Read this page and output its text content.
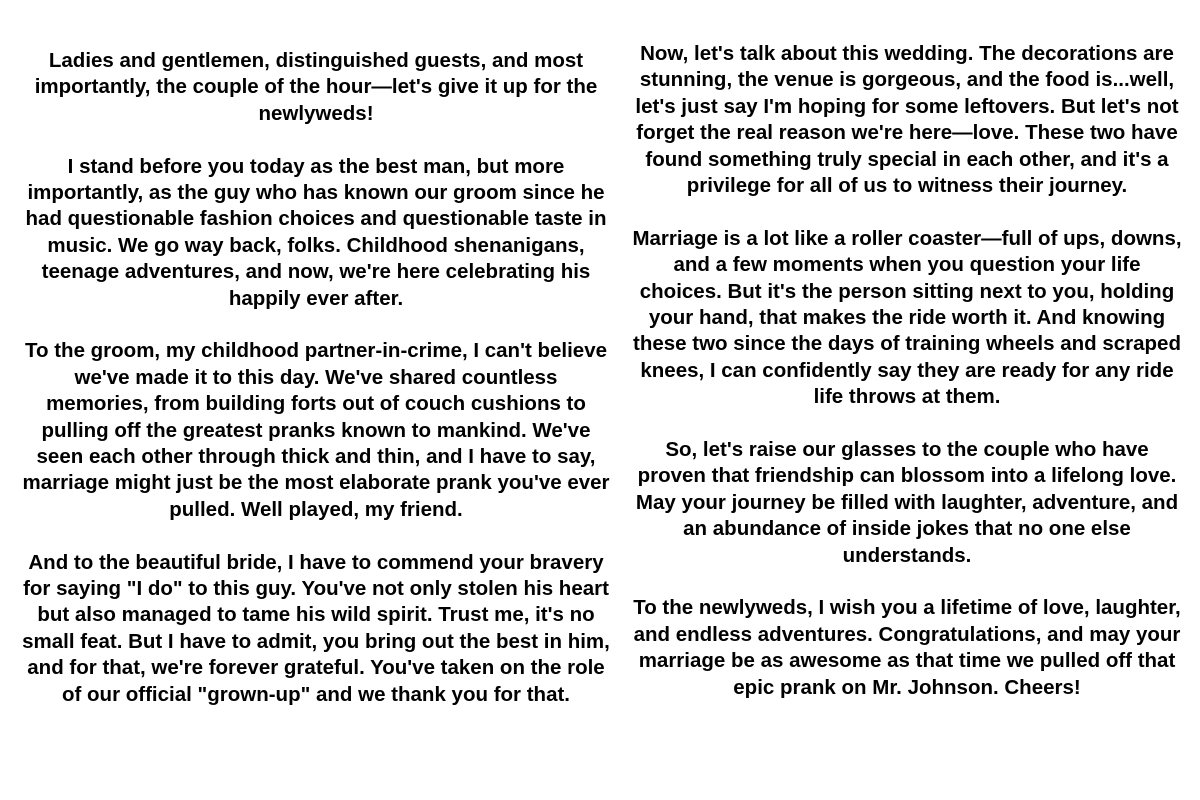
Ladies and gentlemen, distinguished guests, and most importantly, the couple of the hour—let's give it up for the newlyweds!

I stand before you today as the best man, but more importantly, as the guy who has known our groom since he had questionable fashion choices and questionable taste in music. We go way back, folks. Childhood shenanigans, teenage adventures, and now, we're here celebrating his happily ever after.

To the groom, my childhood partner-in-crime, I can't believe we've made it to this day. We've shared countless memories, from building forts out of couch cushions to pulling off the greatest pranks known to mankind. We've seen each other through thick and thin, and I have to say, marriage might just be the most elaborate prank you've ever pulled. Well played, my friend.

And to the beautiful bride, I have to commend your bravery for saying "I do" to this guy. You've not only stolen his heart but also managed to tame his wild spirit. Trust me, it's no small feat. But I have to admit, you bring out the best in him, and for that, we're forever grateful. You've taken on the role of our official "grown-up" and we thank you for that.

Now, let's talk about this wedding. The decorations are stunning, the venue is gorgeous, and the food is...well, let's just say I'm hoping for some leftovers. But let's not forget the real reason we're here—love. These two have found something truly special in each other, and it's a privilege for all of us to witness their journey.

Marriage is a lot like a roller coaster—full of ups, downs, and a few moments when you question your life choices. But it's the person sitting next to you, holding your hand, that makes the ride worth it. And knowing these two since the days of training wheels and scraped knees, I can confidently say they are ready for any ride life throws at them.

So, let's raise our glasses to the couple who have proven that friendship can blossom into a lifelong love. May your journey be filled with laughter, adventure, and an abundance of inside jokes that no one else understands.

To the newlyweds, I wish you a lifetime of love, laughter, and endless adventures. Congratulations, and may your marriage be as awesome as that time we pulled off that epic prank on Mr. Johnson. Cheers!
